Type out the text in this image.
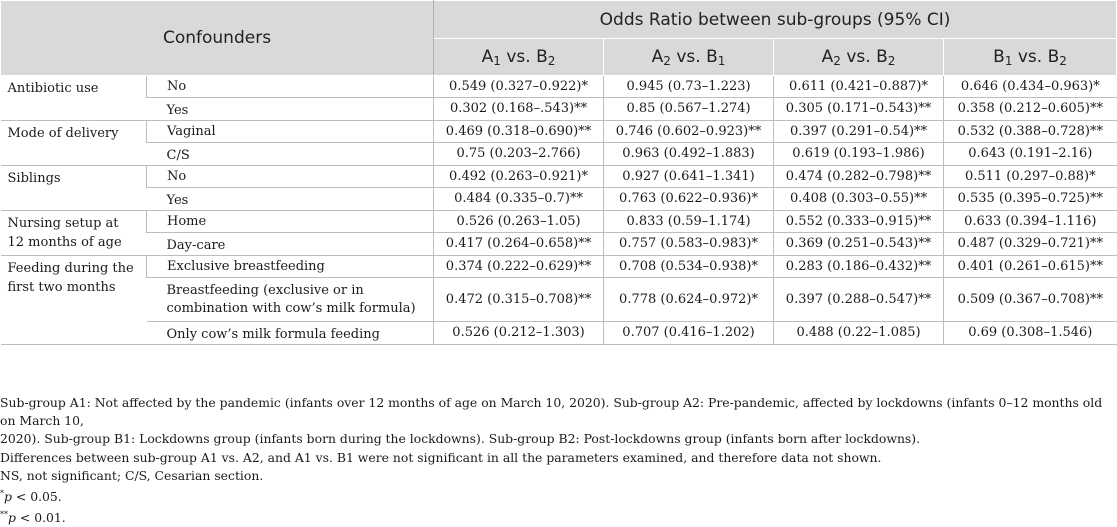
Confounders		Odds Ratio between sub-groups (95% CI)			
		$A_1$ vs. $B_2$	$A_2$ vs. $B_1$	$A_2$ vs. $B_2$	$B_1$ vs. $B_2$
Antibiotic use	No	0.549 (0.327–0.922)*	0.945 (0.73–1.223)	0.611 (0.421–0.887)*	0.646 (0.434–0.963)*
	Yes	0.302 (0.168–.543)**	0.85 (0.567–1.274)	0.305 (0.171–0.543)**	0.358 (0.212–0.605)**
Mode of delivery	Vaginal	0.469 (0.318–0.690)**	0.746 (0.602–0.923)**	0.397 (0.291–0.54)**	0.532 (0.388–0.728)**
	C/S	0.75 (0.203–2.766)	0.963 (0.492–1.883)	0.619 (0.193–1.986)	0.643 (0.191–2.16)
Siblings	No	0.492 (0.263–0.921)*	0.927 (0.641–1.341)	0.474 (0.282–0.798)**	0.511 (0.297–0.88)*
	Yes	0.484 (0.335–0.7)**	0.763 (0.622–0.936)*	0.408 (0.303–0.55)**	0.535 (0.395–0.725)**
Nursing setup at
12 months of age	Home	0.526 (0.263–1.05)	0.833 (0.59–1.174)	0.552 (0.333–0.915)**	0.633 (0.394–1.116)
	Day-care	0.417 (0.264–0.658)**	0.757 (0.583–0.983)*	0.369 (0.251–0.543)**	0.487 (0.329–0.721)**
Feeding during the
first two months	Exclusive breastfeeding	0.374 (0.222–0.629)**	0.708 (0.534–0.938)*	0.283 (0.186–0.432)**	0.401 (0.261–0.615)**
	Breastfeeding (exclusive or in
combination with cow’s milk formula)	0.472 (0.315–0.708)**	0.778 (0.624–0.972)*	0.397 (0.288–0.547)**	0.509 (0.367–0.708)**
	Only cow’s milk formula feeding	0.526 (0.212–1.303)	0.707 (0.416–1.202)	0.488 (0.22–1.085)	0.69 (0.308–1.546)

Sub-group A1: Not affected by the pandemic (infants over 12 months of age on March 10, 2020). Sub-group A2: Pre-pandemic, affected by lockdowns (infants 0–12 months old on March 10,
2020). Sub-group B1: Lockdowns group (infants born during the lockdowns). Sub-group B2: Post-lockdowns group (infants born after lockdowns).

Differences between sub-group A1 vs. A2, and A1 vs. B1 were not significant in all the parameters examined, and therefore data not shown.

NS, not significant; C/S, Cesarian section.

*p < 0.05.

**p < 0.01.
